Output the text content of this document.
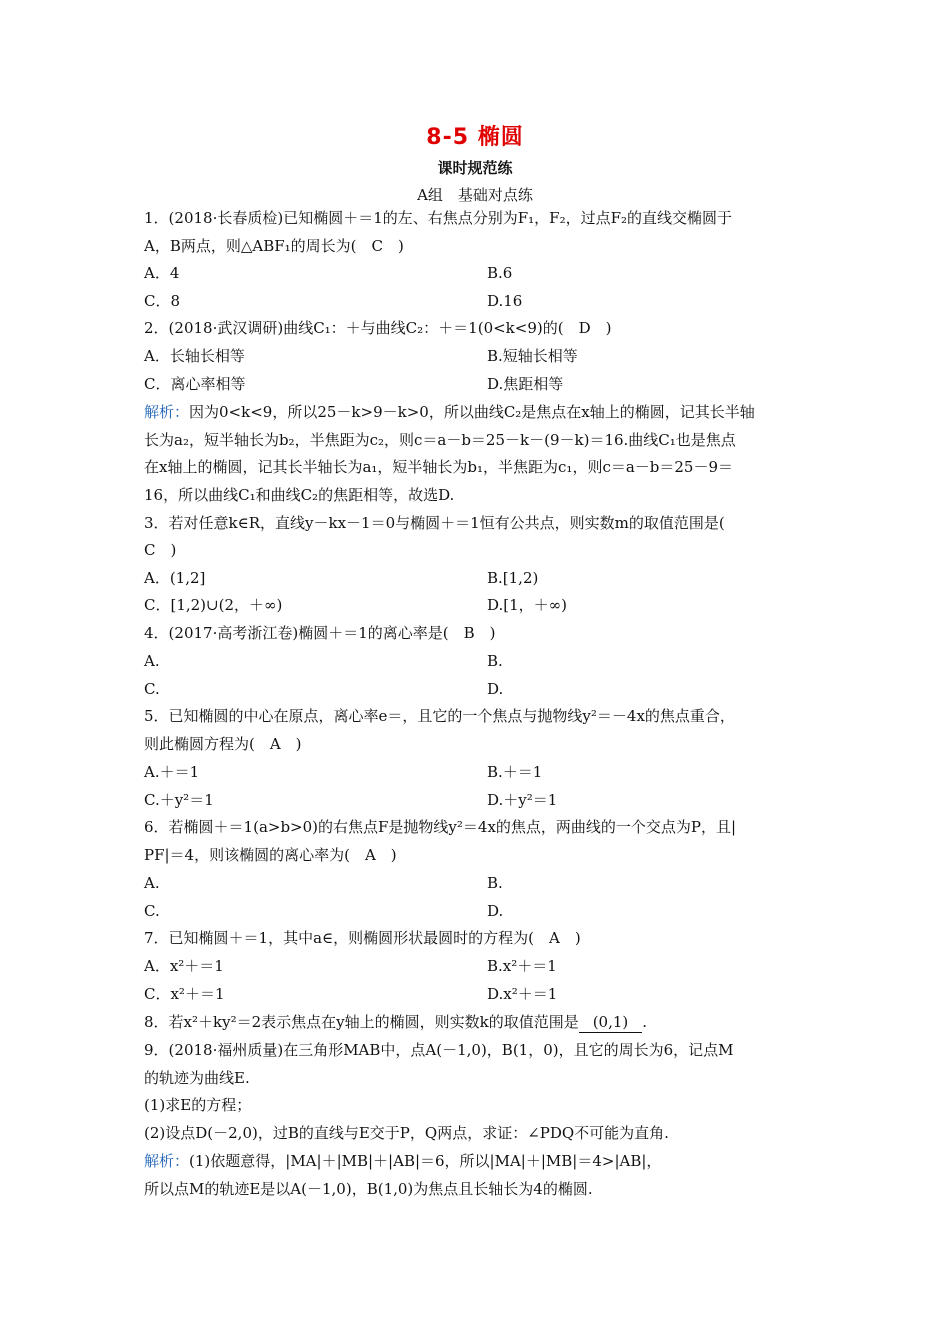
8-5 椭圆
课时规范练
A组　基础对点练
1．(2018·长春质检)已知椭圆＋＝1的左、右焦点分别为F₁，F₂，过点F₂的直线交椭圆于
A，B两点，则△ABF₁的周长为(　C　)
A．4	B.6
C．8	D.16
2．(2018·武汉调研)曲线C₁：＋与曲线C₂：＋＝1(0<k<9)的(　D　)
A．长轴长相等	B.短轴长相等
C．离心率相等	D.焦距相等
解析：因为0<k<9，所以25－k>9－k>0，所以曲线C₂是焦点在x轴上的椭圆，记其长半轴
长为a₂，短半轴长为b₂，半焦距为c₂，则c＝a－b＝25－k－(9－k)＝16.曲线C₁也是焦点
在x轴上的椭圆，记其长半轴长为a₁，短半轴长为b₁，半焦距为c₁，则c＝a－b＝25－9＝
16，所以曲线C₁和曲线C₂的焦距相等，故选D.
3．若对任意k∈R，直线y－kx－1＝0与椭圆＋＝1恒有公共点，则实数m的取值范围是(
C　)
A．(1,2]	B.[1,2)
C．[1,2)∪(2，＋∞)	D.[1，＋∞)
4．(2017·高考浙江卷)椭圆＋＝1的离心率是(　B　)
A.	B.
C.	D.
5．已知椭圆的中心在原点，离心率e＝，且它的一个焦点与抛物线y²＝－4x的焦点重合，
则此椭圆方程为(　A　)
A.＋＝1	B.＋＝1
C.＋y²＝1	D.＋y²＝1
6．若椭圆＋＝1(a>b>0)的右焦点F是抛物线y²＝4x的焦点，两曲线的一个交点为P，且|
PF|＝4，则该椭圆的离心率为(　A　)
A.	B.
C.	D.
7．已知椭圆＋＝1，其中a∈，则椭圆形状最圆时的方程为(　A　)
A．x²＋＝1	B.x²＋＝1
C．x²＋＝1	D.x²＋＝1
8．若x²＋ky²＝2表示焦点在y轴上的椭圆，则实数k的取值范围是 (0,1) .
9．(2018·福州质量)在三角形MAB中，点A(－1,0)，B(1，0)，且它的周长为6，记点M
的轨迹为曲线E.
(1)求E的方程；
(2)设点D(－2,0)，过B的直线与E交于P，Q两点，求证：∠PDQ不可能为直角.
解析：(1)依题意得，|MA|＋|MB|＋|AB|＝6，所以|MA|＋|MB|＝4>|AB|，
所以点M的轨迹E是以A(－1,0)，B(1,0)为焦点且长轴长为4的椭圆.
